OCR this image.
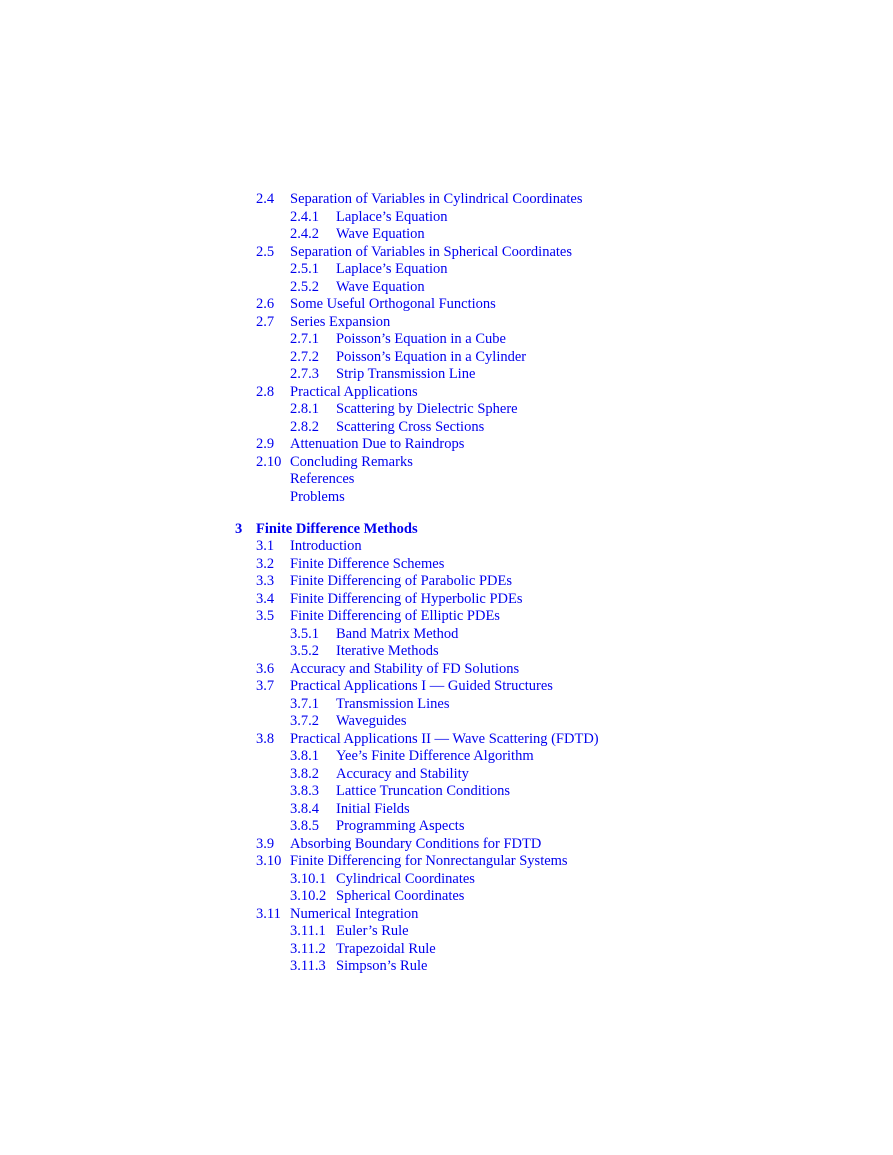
2.4 Separation of Variables in Cylindrical Coordinates
2.4.1 Laplace’s Equation
2.4.2 Wave Equation
2.5 Separation of Variables in Spherical Coordinates
2.5.1 Laplace’s Equation
2.5.2 Wave Equation
2.6 Some Useful Orthogonal Functions
2.7 Series Expansion
2.7.1 Poisson’s Equation in a Cube
2.7.2 Poisson’s Equation in a Cylinder
2.7.3 Strip Transmission Line
2.8 Practical Applications
2.8.1 Scattering by Dielectric Sphere
2.8.2 Scattering Cross Sections
2.9 Attenuation Due to Raindrops
2.10 Concluding Remarks
References
Problems
3 Finite Difference Methods
3.1 Introduction
3.2 Finite Difference Schemes
3.3 Finite Differencing of Parabolic PDEs
3.4 Finite Differencing of Hyperbolic PDEs
3.5 Finite Differencing of Elliptic PDEs
3.5.1 Band Matrix Method
3.5.2 Iterative Methods
3.6 Accuracy and Stability of FD Solutions
3.7 Practical Applications I — Guided Structures
3.7.1 Transmission Lines
3.7.2 Waveguides
3.8 Practical Applications II — Wave Scattering (FDTD)
3.8.1 Yee’s Finite Difference Algorithm
3.8.2 Accuracy and Stability
3.8.3 Lattice Truncation Conditions
3.8.4 Initial Fields
3.8.5 Programming Aspects
3.9 Absorbing Boundary Conditions for FDTD
3.10 Finite Differencing for Nonrectangular Systems
3.10.1 Cylindrical Coordinates
3.10.2 Spherical Coordinates
3.11 Numerical Integration
3.11.1 Euler’s Rule
3.11.2 Trapezoidal Rule
3.11.3 Simpson’s Rule
